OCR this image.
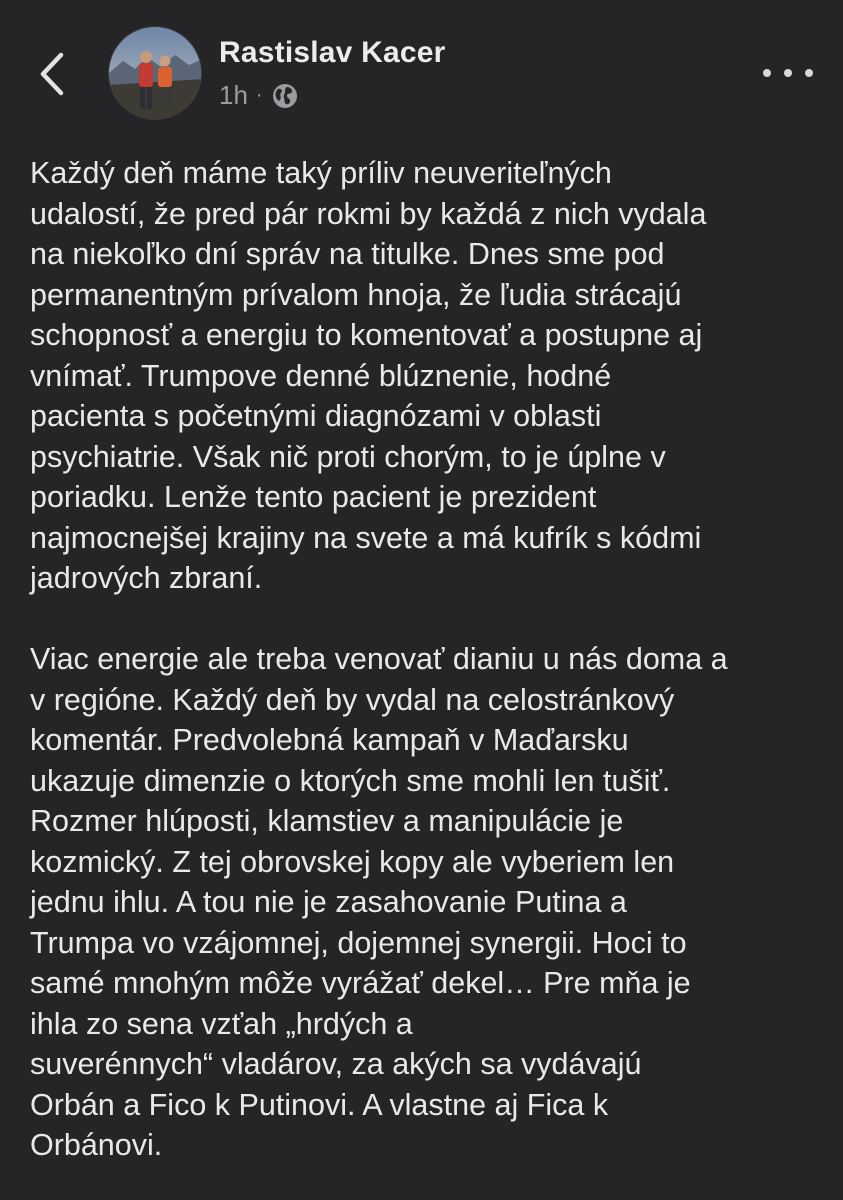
Rastislav Kacer
1h ·

Každý deň máme taký príliv neuveriteľných
udalostí, že pred pár rokmi by každá z nich vydala
na niekoľko dní správ na titulke. Dnes sme pod
permanentným prívalom hnoja, že ľudia strácajú
schopnosť a energiu to komentovať a postupne aj
vnímať. Trumpove denné blúznenie, hodné
pacienta s početnými diagnózami v oblasti
psychiatrie. Však nič proti chorým, to je úplne v
poriadku. Lenže tento pacient je prezident
najmocnejšej krajiny na svete a má kufrík s kódmi
jadrových zbraní.

Viac energie ale treba venovať dianiu u nás doma a
v regióne. Každý deň by vydal na celostránkový
komentár. Predvolebná kampaň v Maďarsku
ukazuje dimenzie o ktorých sme mohli len tušiť.
Rozmer hlúposti, klamstiev a manipulácie je
kozmický. Z tej obrovskej kopy ale vyberiem len
jednu ihlu. A tou nie je zasahovanie Putina a
Trumpa vo vzájomnej, dojemnej synergii. Hoci to
samé mnohým môže vyrážať dekel… Pre mňa je
ihla zo sena vzťah „hrdých a
suverénnych“ vladárov, za akých sa vydávajú
Orbán a Fico k Putinovi. A vlastne aj Fica k
Orbánovi.
